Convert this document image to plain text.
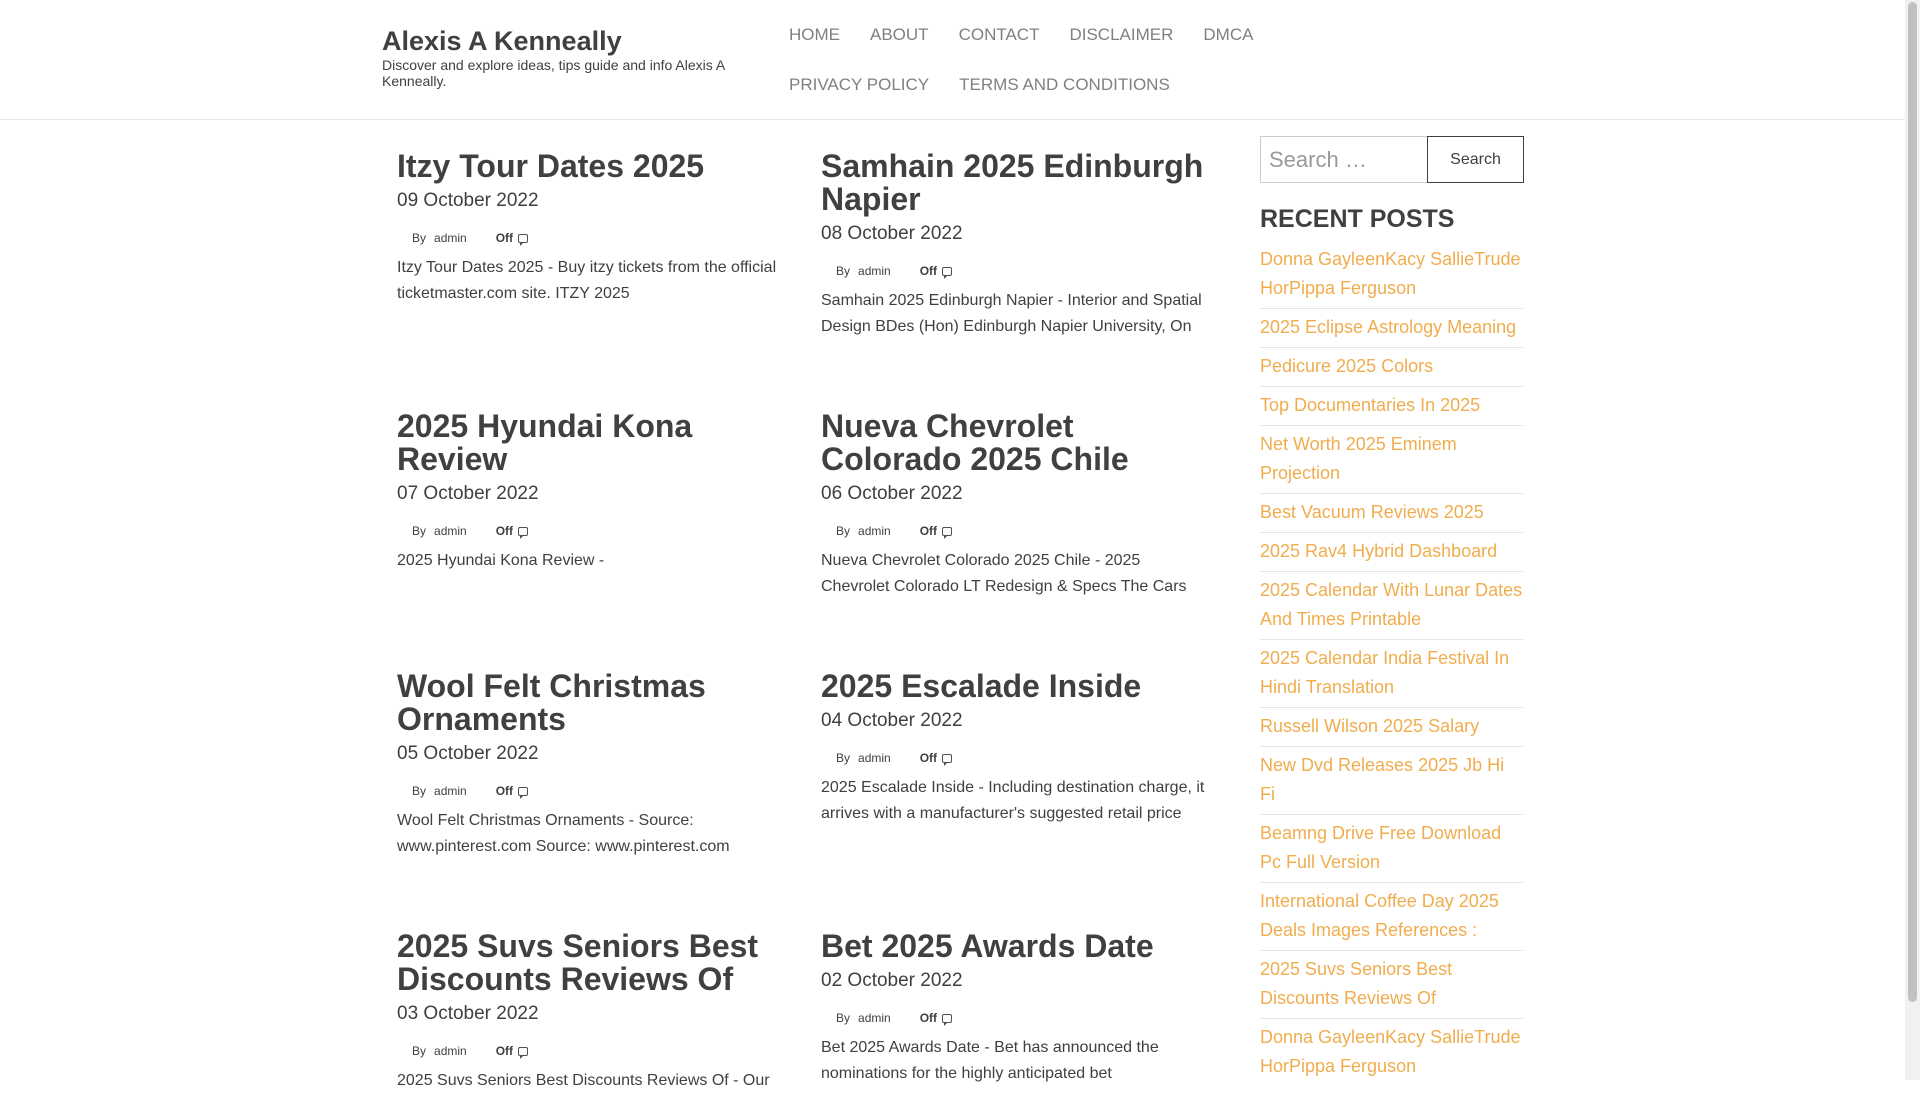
Alexis A Kenneally

Discover and explore ideas, tips guide and info Alexis A Kenneally.

HOME	ABOUT	CONTACT	DISCLAIMER	DMCA
PRIVACY POLICY	TERMS AND CONDITIONS
Itzy Tour Dates 2025
09 October 2022
By admin Off

Itzy Tour Dates 2025 - Buy itzy tickets from the official ticketmaster.com site. ITZY 2025

Samhain 2025 Edinburgh Napier
08 October 2022
By admin Off

Samhain 2025 Edinburgh Napier - Interior and Spatial Design BDes (Hon) Edinburgh Napier University, On

2025 Hyundai Kona Review
07 October 2022
By admin Off

2025 Hyundai Kona Review -

Nueva Chevrolet Colorado 2025 Chile
06 October 2022
By admin Off

Nueva Chevrolet Colorado 2025 Chile - 2025 Chevrolet Colorado LT Redesign & Specs The Cars

Wool Felt Christmas Ornaments
05 October 2022
By admin Off

Wool Felt Christmas Ornaments - Source: www.pinterest.com Source: www.pinterest.com

2025 Escalade Inside
04 October 2022
By admin Off

2025 Escalade Inside - Including destination charge, it arrives with a manufacturer's suggested retail price

2025 Suvs Seniors Best Discounts Reviews Of
03 October 2022
By admin Off

2025 Suvs Seniors Best Discounts Reviews Of - Our

Bet 2025 Awards Date
02 October 2022
By admin Off

Bet 2025 Awards Date - Bet has announced the nominations for the highly anticipated bet

Search …	Search
RECENT POSTS
Donna GayleenKacy SallieTrude HorPippa Ferguson
2025 Eclipse Astrology Meaning
Pedicure 2025 Colors
Top Documentaries In 2025
Net Worth 2025 Eminem Projection
Best Vacuum Reviews 2025
2025 Rav4 Hybrid Dashboard
2025 Calendar With Lunar Dates And Times Printable
2025 Calendar India Festival In Hindi Translation
Russell Wilson 2025 Salary
New Dvd Releases 2025 Jb Hi Fi
Beamng Drive Free Download Pc Full Version
International Coffee Day 2025 Deals Images References :
2025 Suvs Seniors Best Discounts Reviews Of
Donna GayleenKacy SallieTrude HorPippa Ferguson
